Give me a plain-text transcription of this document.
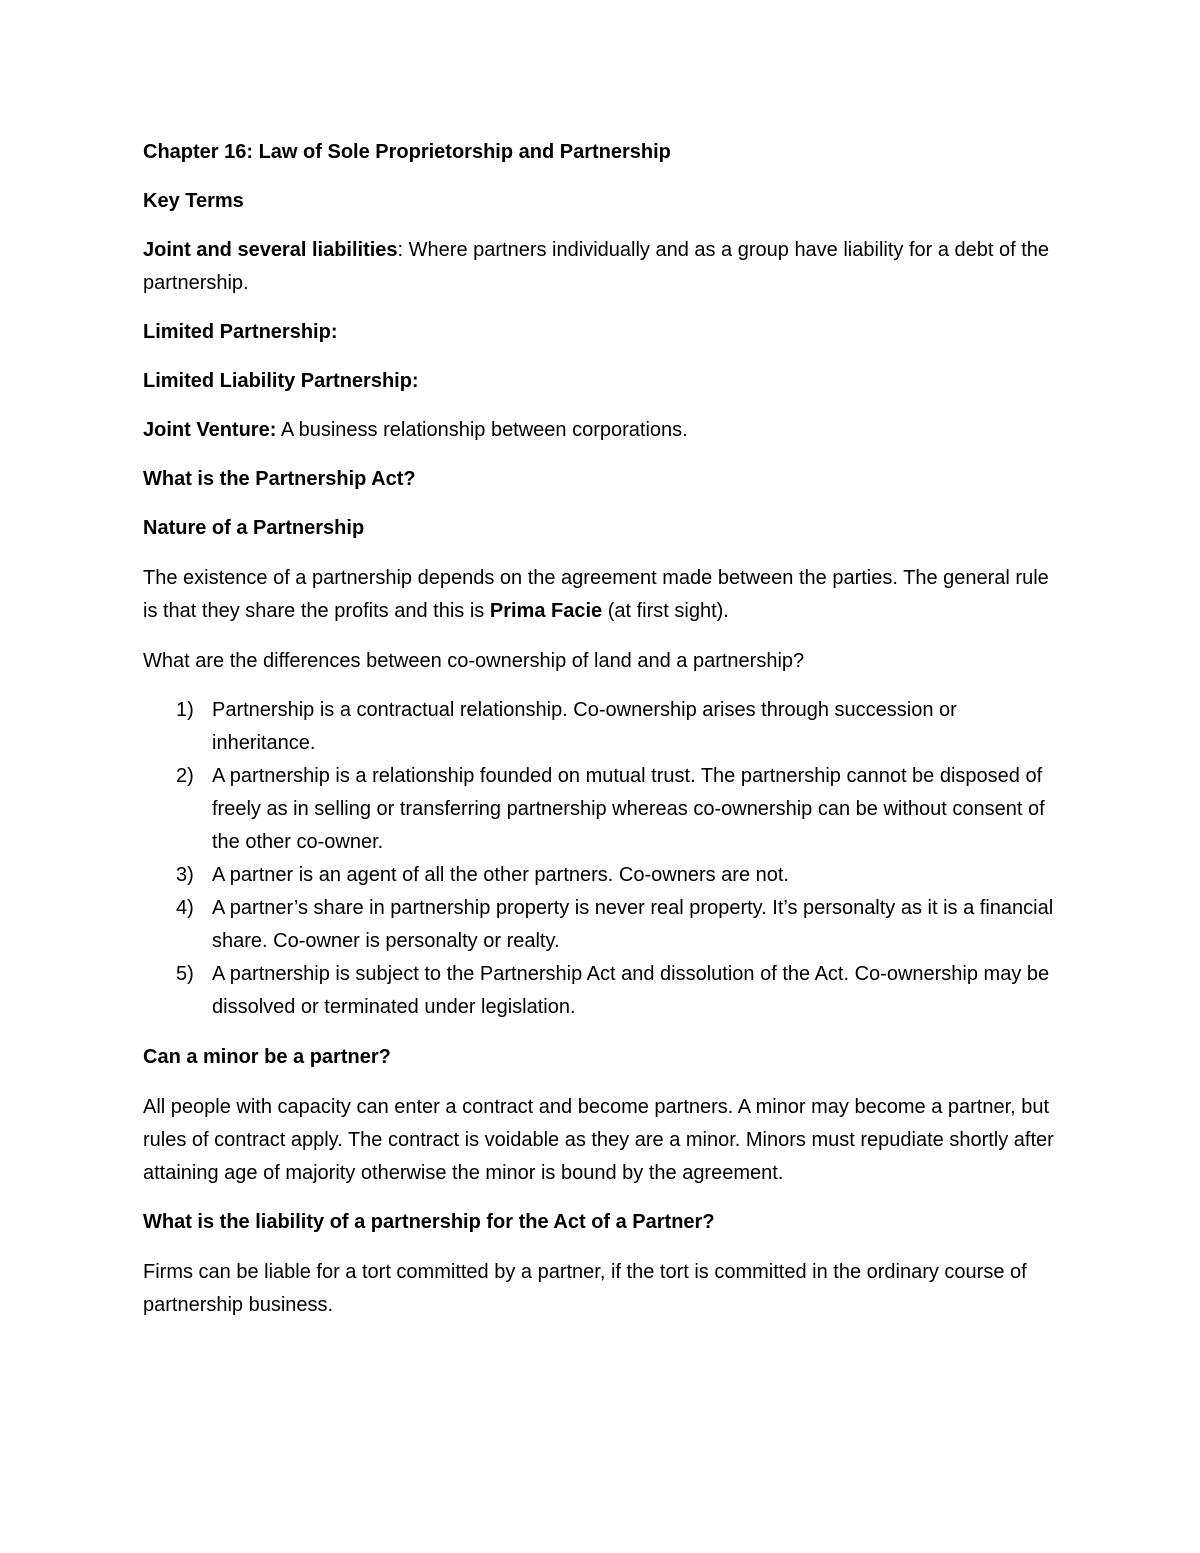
Chapter 16: Law of Sole Proprietorship and Partnership

Key Terms

Joint and several liabilities: Where partners individually and as a group have liability for a debt of the partnership.

Limited Partnership:

Limited Liability Partnership:

Joint Venture: A business relationship between corporations.

What is the Partnership Act?

Nature of a Partnership

The existence of a partnership depends on the agreement made between the parties. The general rule is that they share the profits and this is Prima Facie (at first sight).

What are the differences between co-ownership of land and a partnership?

1) Partnership is a contractual relationship. Co-ownership arises through succession or inheritance.
2) A partnership is a relationship founded on mutual trust. The partnership cannot be disposed of freely as in selling or transferring partnership whereas co-ownership can be without consent of the other co-owner.
3) A partner is an agent of all the other partners. Co-owners are not.
4) A partner’s share in partnership property is never real property. It’s personalty as it is a financial share. Co-owner is personalty or realty.
5) A partnership is subject to the Partnership Act and dissolution of the Act. Co-ownership may be dissolved or terminated under legislation.

Can a minor be a partner?

All people with capacity can enter a contract and become partners. A minor may become a partner, but rules of contract apply. The contract is voidable as they are a minor. Minors must repudiate shortly after attaining age of majority otherwise the minor is bound by the agreement.

What is the liability of a partnership for the Act of a Partner?

Firms can be liable for a tort committed by a partner, if the tort is committed in the ordinary course of partnership business.
